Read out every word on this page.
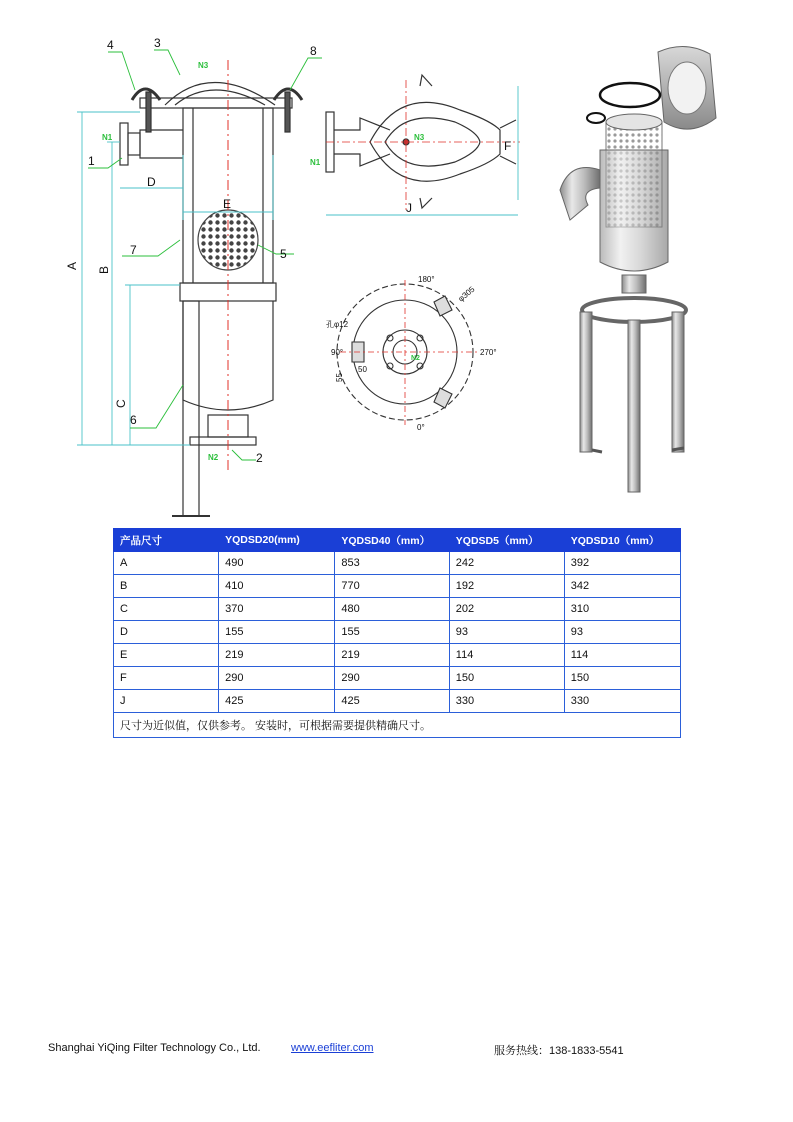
A B
C
D
E
4	3
8
1
7	5
6
2
N1
N2
N3
J
F
N3
N1
180°
90°	270°
0°
φ305
孔φ12
55
50
N2
产品尺寸	YQDSD20(mm)	YQDSD40（mm）	YQDSD5（mm）	YQDSD10（mm）
A	490	853	242	392
B	410	770	192	342
C	370	480	202	310
D	155	155	93	93
E	219	219	114	114
F	290	290	150	150
J	425	425	330	330
尺寸为近似值，仅供参考。 安装时，可根据需要提供精确尺寸。				
Shanghai YiQing Filter Technology Co., Ltd.	www.eefliter.com	服务热线：138-1833-5541
